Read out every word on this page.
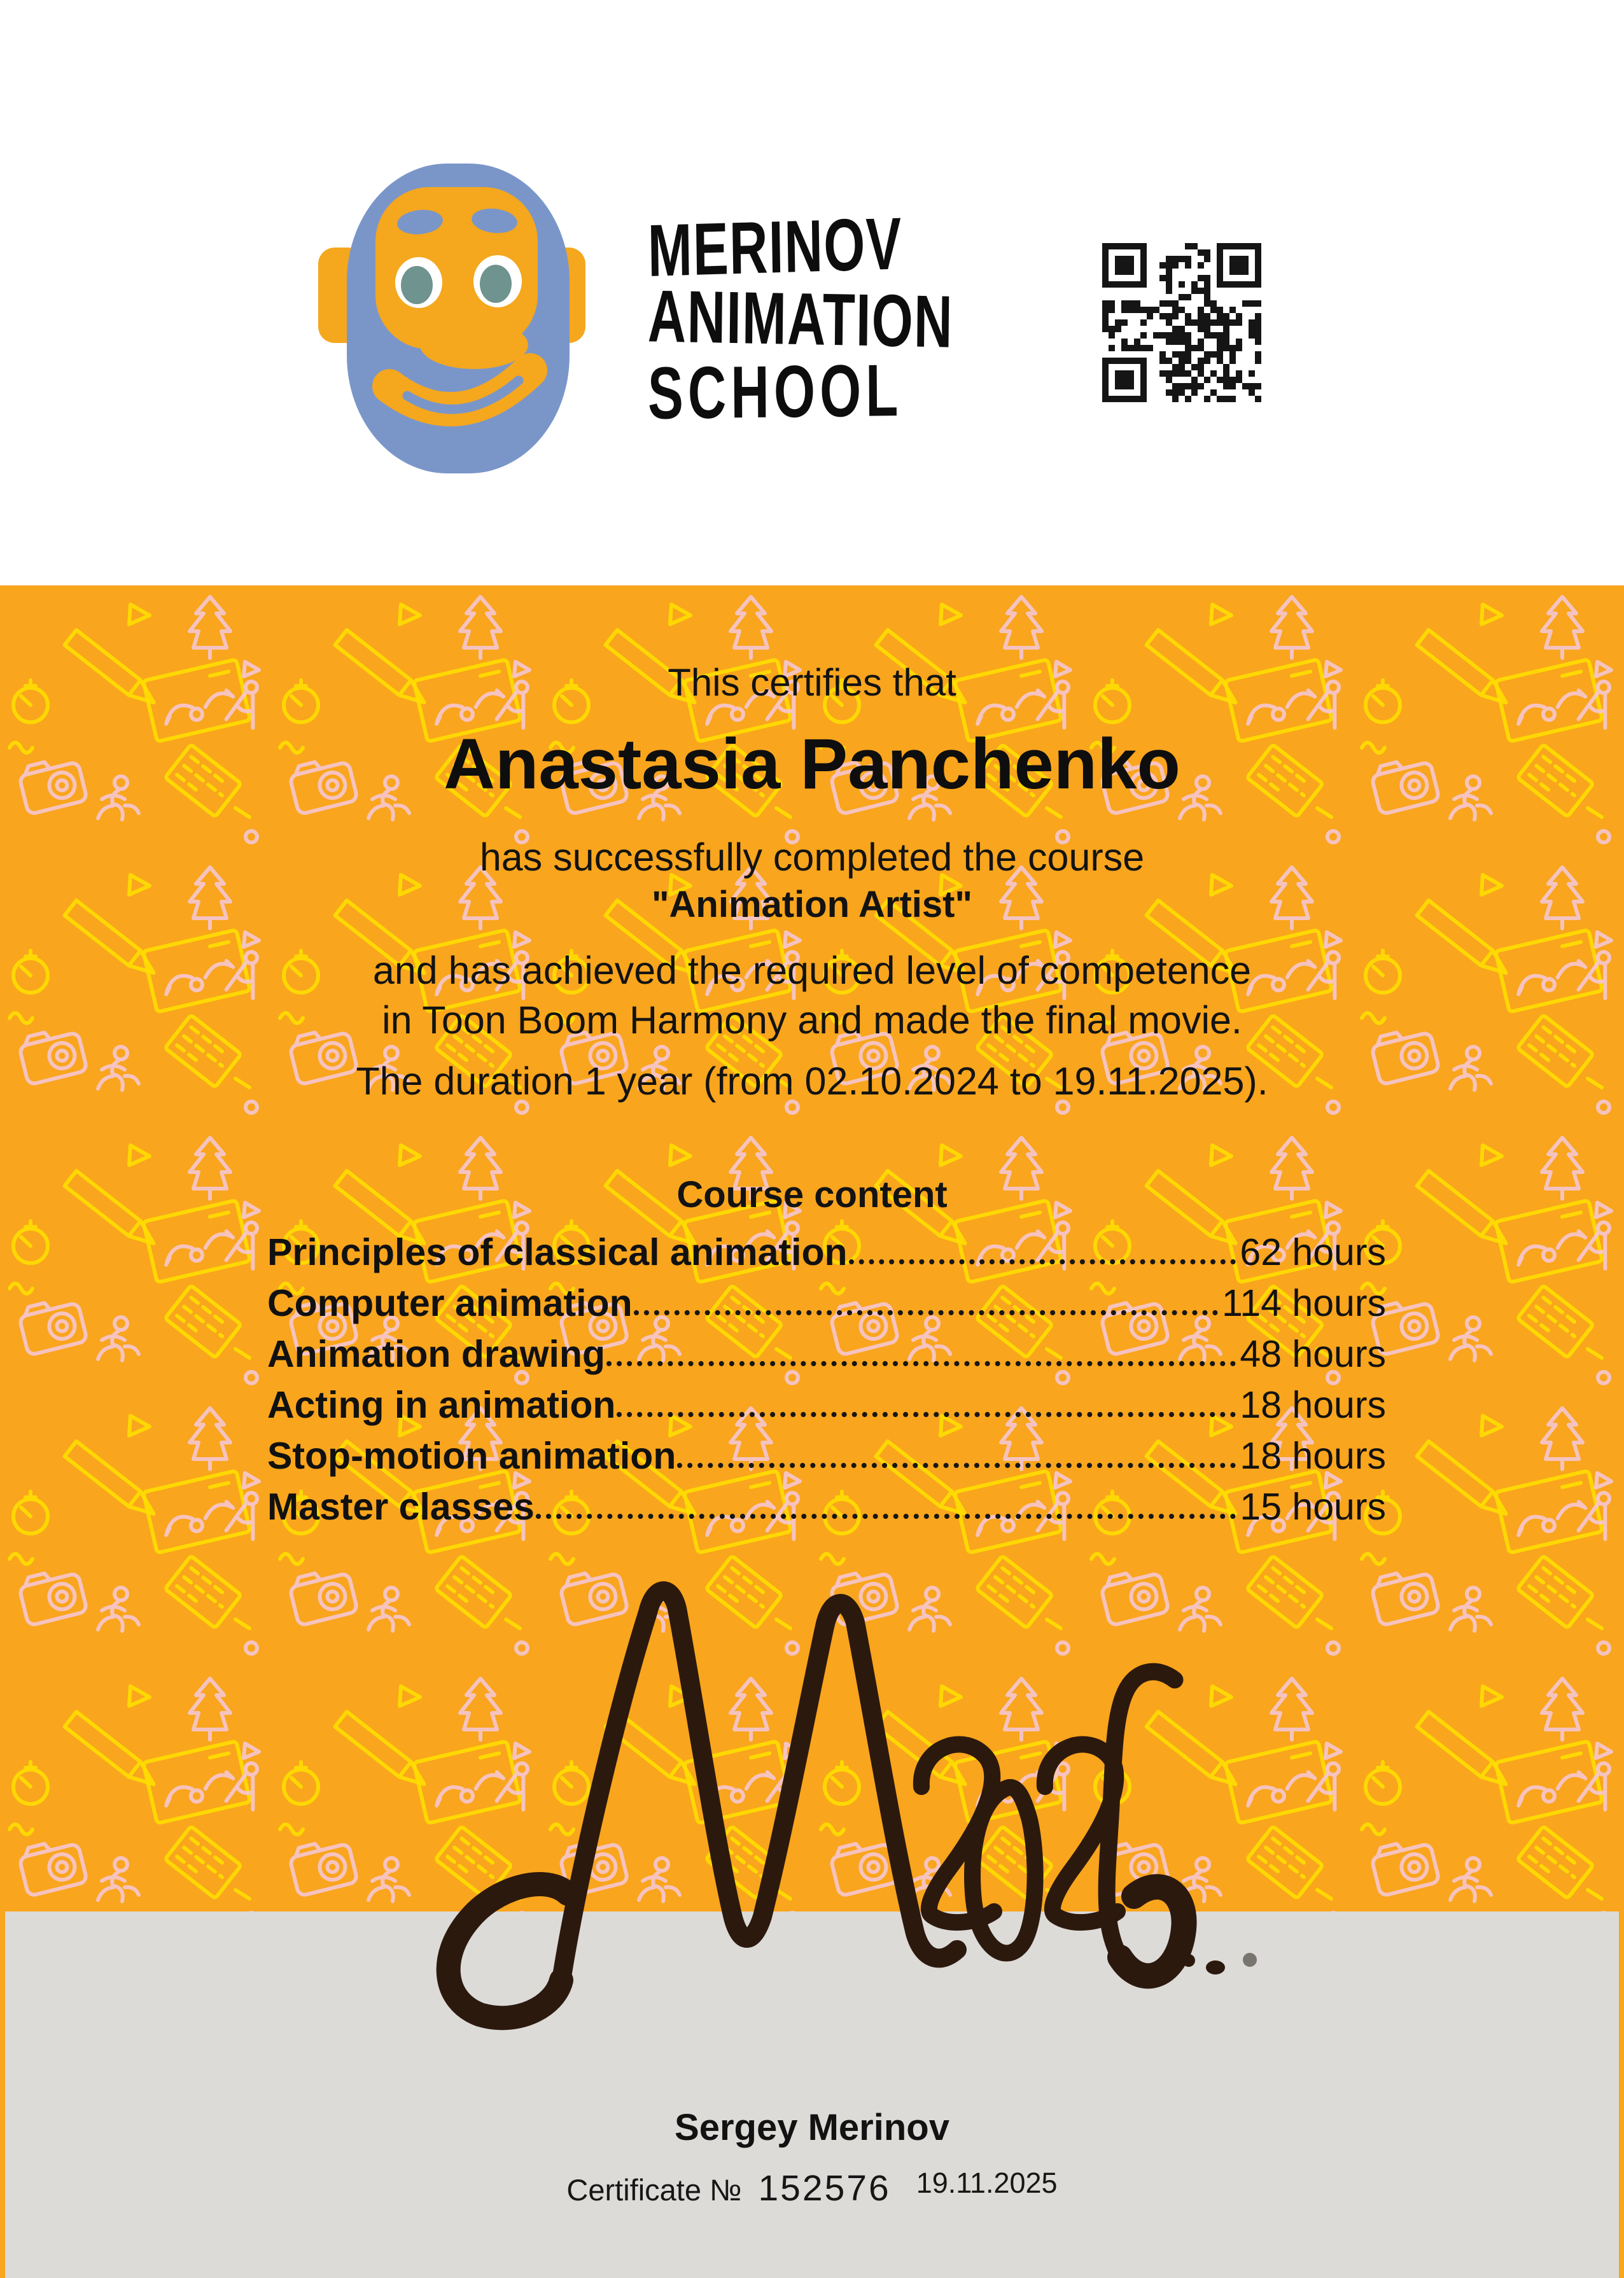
MERINOV
ANIMATION
SCHOOL
This certifies that
Anastasia Panchenko
has successfully completed the course
"Animation Artist"
and has achieved the required level of competence
in Toon Boom Harmony and made the final movie.
The duration 1 year (from 02.10.2024 to 19.11.2025).
Course content
Principles of classical animation	62 hours
Computer animation	114 hours
Animation drawing	48 hours
Acting in animation	18 hours
Stop-motion animation	18 hours
Master classes	15 hours
Sergey Merinov
Certificate № 152576 19.11.2025
